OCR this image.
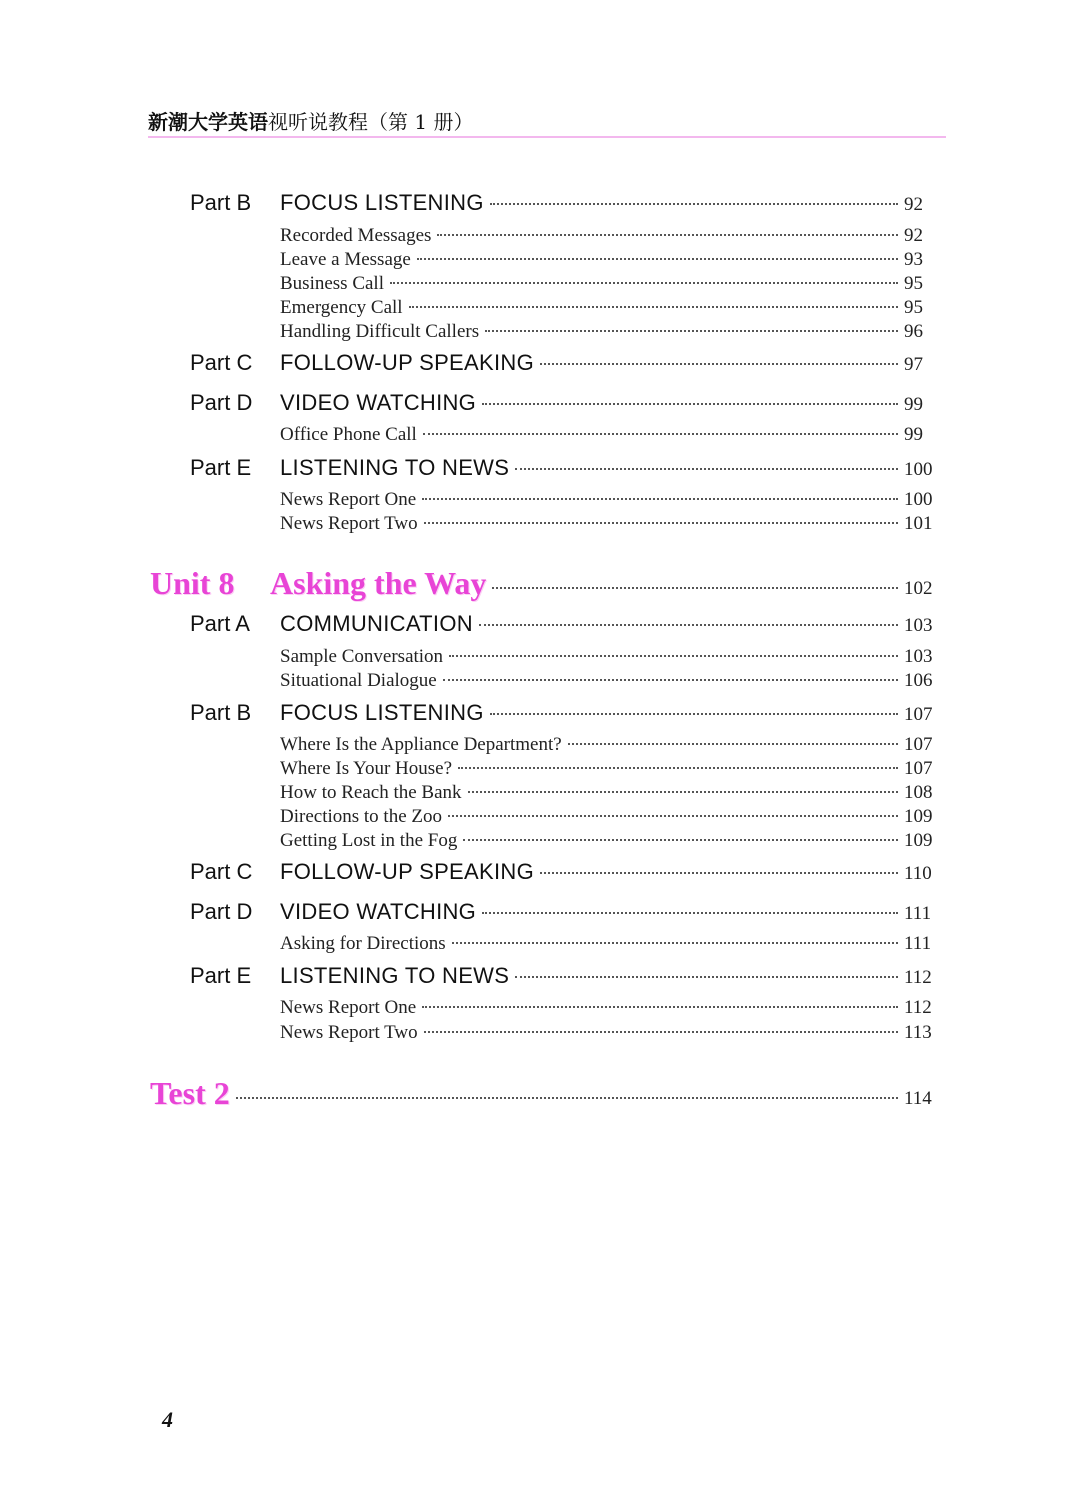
新潮大学英语视听说教程（第 1 册）
Part B	FOCUS LISTENING	92
Recorded Messages	92
Leave a Message	93
Business Call	95
Emergency Call	95
Handling Difficult Callers	96
Part C	FOLLOW-UP SPEAKING	97
Part D	VIDEO WATCHING	99
Office Phone Call	99
Part E	LISTENING TO NEWS	100
News Report One	100
News Report Two	101
Unit 8	Asking the Way	102
Part A	COMMUNICATION	103
Sample Conversation	103
Situational Dialogue	106
Part B	FOCUS LISTENING	107
Where Is the Appliance Department?	107
Where Is Your House?	107
How to Reach the Bank	108
Directions to the Zoo	109
Getting Lost in the Fog	109
Part C	FOLLOW-UP SPEAKING	110
Part D	VIDEO WATCHING	111
Asking for Directions	111
Part E	LISTENING TO NEWS	112
News Report One	112
News Report Two	113
Test 2	114
4
